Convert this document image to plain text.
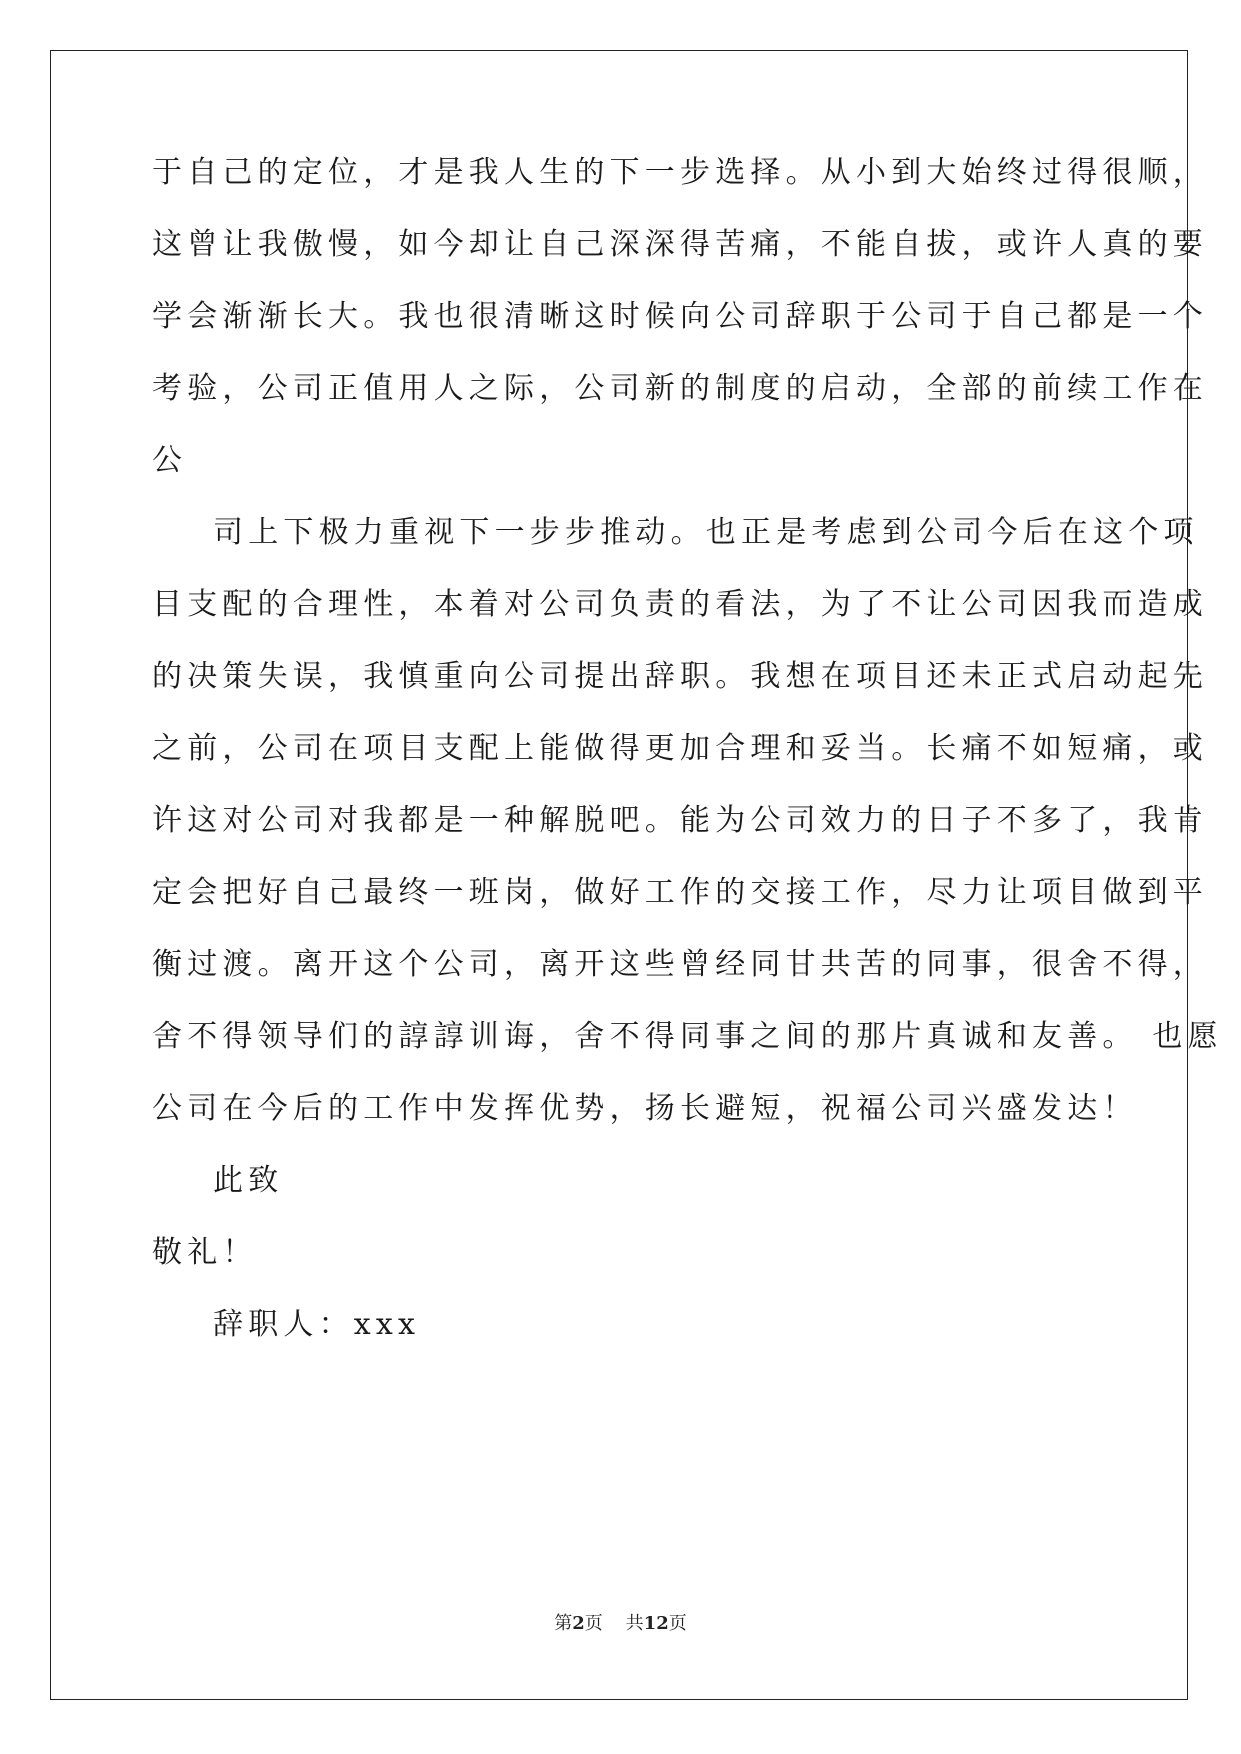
于自己的定位，才是我人生的下一步选择。从小到大始终过得很顺，

这曾让我傲慢，如今却让自己深深得苦痛，不能自拔，或许人真的要

学会渐渐长大。我也很清晰这时候向公司辞职于公司于自己都是一个

考验，公司正值用人之际，公司新的制度的启动，全部的前续工作在

公

司上下极力重视下一步步推动。也正是考虑到公司今后在这个项

目支配的合理性，本着对公司负责的看法，为了不让公司因我而造成

的决策失误，我慎重向公司提出辞职。我想在项目还未正式启动起先

之前，公司在项目支配上能做得更加合理和妥当。长痛不如短痛，或

许这对公司对我都是一种解脱吧。能为公司效力的日子不多了，我肯

定会把好自己最终一班岗，做好工作的交接工作，尽力让项目做到平

衡过渡。离开这个公司，离开这些曾经同甘共苦的同事，很舍不得，

舍不得领导们的諄諄训诲，舍不得同事之间的那片真诚和友善。 也愿

公司在今后的工作中发挥优势，扬长避短，祝福公司兴盛发达！

此致

敬礼！

辞职人：xxx

第2页 共12页
